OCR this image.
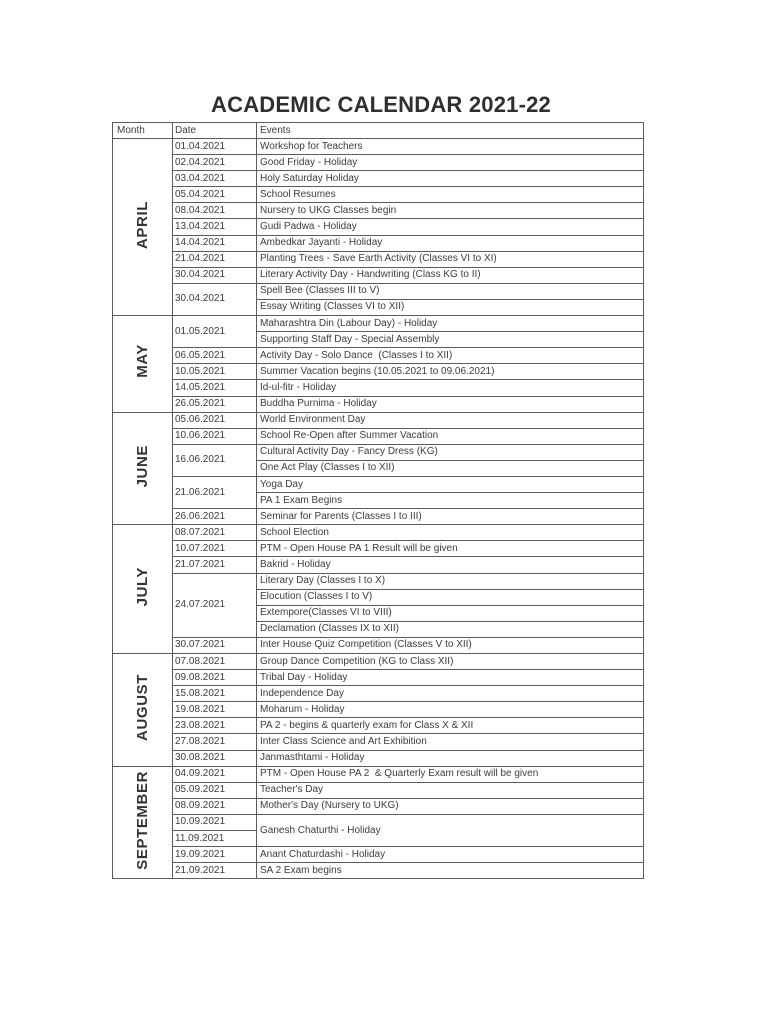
ACADEMIC CALENDAR 2021-22
Month	Date	Events
APRIL	01.04.2021	Workshop for Teachers
	02.04.2021	Good Friday - Holiday
	03.04.2021	Holy Saturday Holiday
	05.04.2021	School Resumes
	08.04.2021	Nursery to UKG Classes begin
	13.04.2021	Gudi Padwa - Holiday
	14.04.2021	Ambedkar Jayanti - Holiday
	21.04.2021	Planting Trees - Save Earth Activity (Classes VI to XI)
	30.04.2021	Literary Activity Day - Handwriting (Class KG to II)
	30.04.2021	Spell Bee (Classes III to V)
		Essay Writing (Classes VI to XII)
MAY	01.05.2021	Maharashtra Din (Labour Day) - Holiday
		Supporting Staff Day - Special Assembly
	06.05.2021	Activity Day - Solo Dance  (Classes I to XII)
	10.05.2021	Summer Vacation begins (10.05.2021 to 09.06.2021)
	14.05.2021	Id-ul-fitr - Holiday
	26.05.2021	Buddha Purnima - Holiday
JUNE	05.06.2021	World Environment Day
	10.06.2021	School Re-Open after Summer Vacation
	16.06.2021	Cultural Activity Day - Fancy Dress (KG)
		One Act Play (Classes I to XII)
	21.06.2021	Yoga Day
		PA 1 Exam Begins
	26.06.2021	Seminar for Parents (Classes I to III)
JULY	08.07.2021	School Election
	10.07.2021	PTM - Open House PA 1 Result will be given
	21.07.2021	Bakrid - Holiday
	24.07.2021	Literary Day (Classes I to X)
		Elocution (Classes I to V)
		Extempore(Classes VI to VIII)
		Declamation (Classes IX to XII)
	30.07.2021	Inter House Quiz Competition (Classes V to XII)
AUGUST	07.08.2021	Group Dance Competition (KG to Class XII)
	09.08.2021	Tribal Day - Holiday
	15.08.2021	Independence Day
	19.08.2021	Moharum - Holiday
	23.08.2021	PA 2 - begins & quarterly exam for Class X & XII
	27.08.2021	Inter Class Science and Art Exhibition
	30.08.2021	Janmasthtami - Holiday
SEPTEMBER	04.09.2021	PTM - Open House PA 2  & Quarterly Exam result will be given
	05.09.2021	Teacher's Day
	08.09.2021	Mother's Day (Nursery to UKG)
	10.09.2021	Ganesh Chaturthi - Holiday
	11.09.2021	
	19.09.2021	Anant Chaturdashi - Holiday
	21.09.2021	SA 2 Exam begins
